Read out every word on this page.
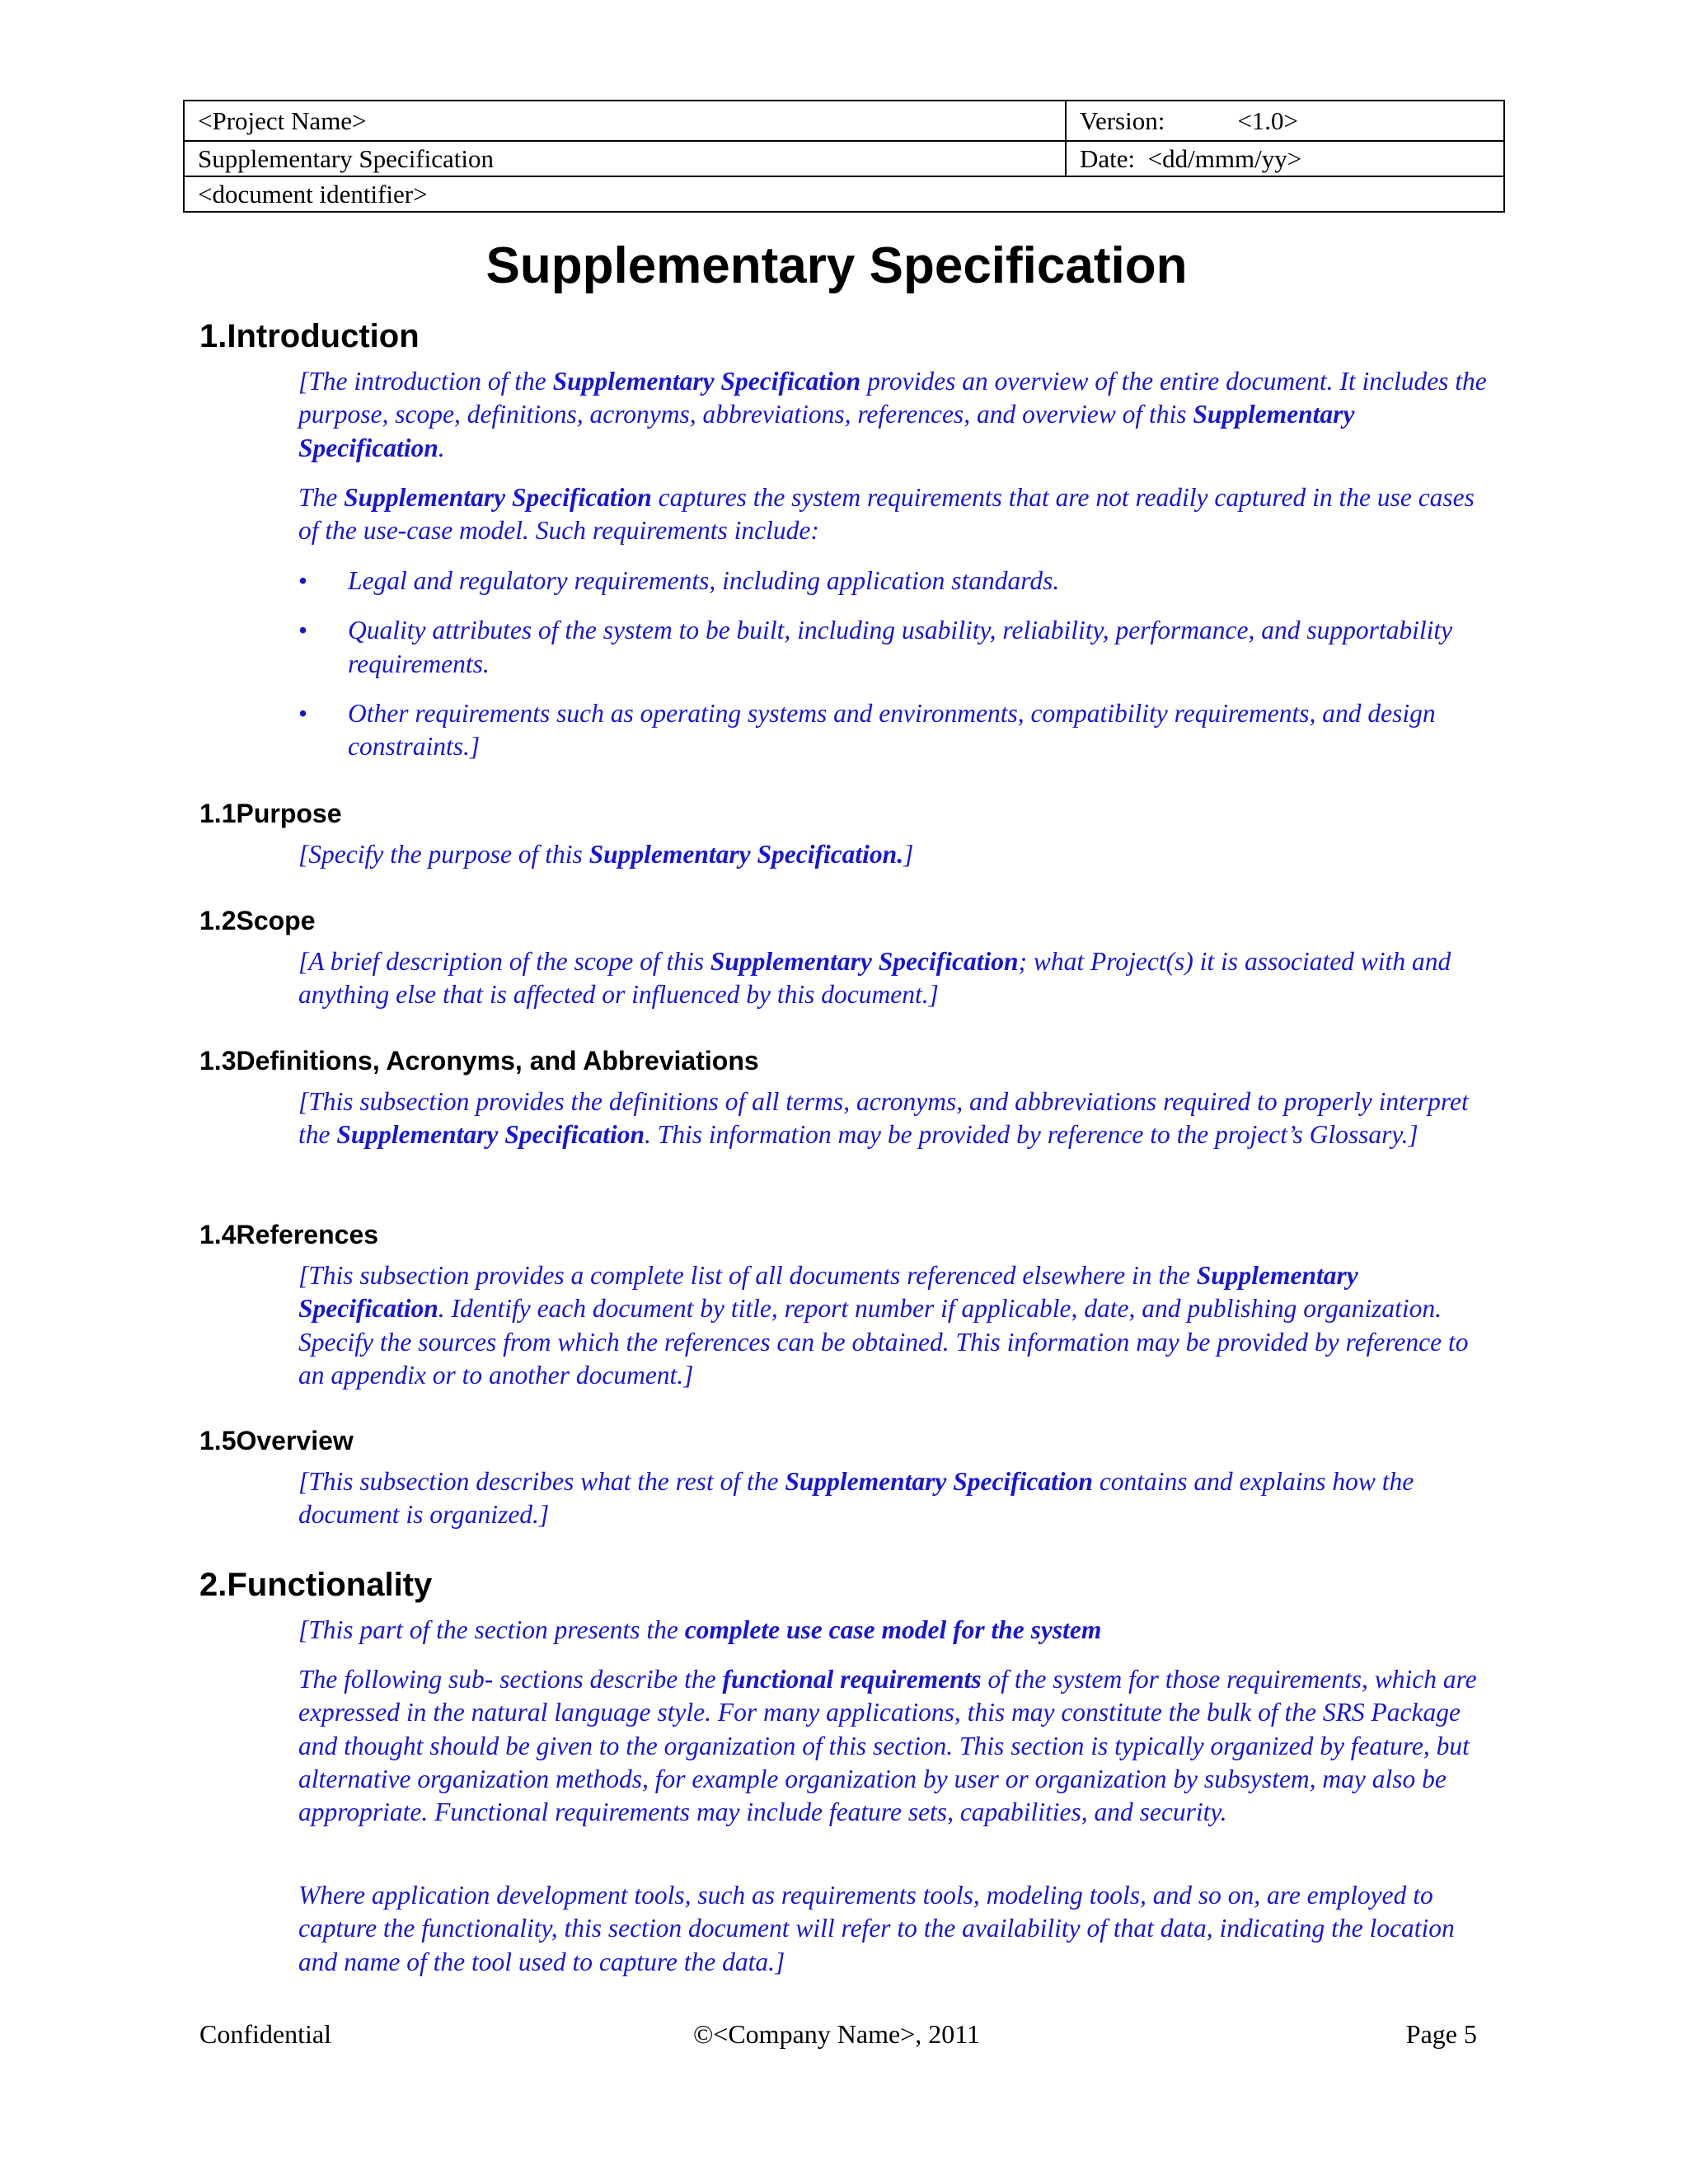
<Project Name>	Version: <1.0>
Supplementary Specification	Date: <dd/mmm/yy>
<document identifier>	
Supplementary Specification
1.Introduction
[The introduction of the Supplementary Specification provides an overview of the entire document. It includes the purpose, scope, definitions, acronyms, abbreviations, references, and overview of this Supplementary Specification.
The Supplementary Specification captures the system requirements that are not readily captured in the use cases of the use-case model. Such requirements include:
• Legal and regulatory requirements, including application standards.
• Quality attributes of the system to be built, including usability, reliability, performance, and supportability requirements.
• Other requirements such as operating systems and environments, compatibility requirements, and design constraints.]
1.1Purpose
[Specify the purpose of this Supplementary Specification.]
1.2Scope
[A brief description of the scope of this Supplementary Specification; what Project(s) it is associated with and anything else that is affected or influenced by this document.]
1.3Definitions, Acronyms, and Abbreviations
[This subsection provides the definitions of all terms, acronyms, and abbreviations required to properly interpret the Supplementary Specification. This information may be provided by reference to the project’s Glossary.]
1.4References
[This subsection provides a complete list of all documents referenced elsewhere in the Supplementary Specification. Identify each document by title, report number if applicable, date, and publishing organization. Specify the sources from which the references can be obtained. This information may be provided by reference to an appendix or to another document.]
1.5Overview
[This subsection describes what the rest of the Supplementary Specification contains and explains how the document is organized.]
2.Functionality
[This part of the section presents the complete use case model for the system
The following sub- sections describe the functional requirements of the system for those requirements, which are expressed in the natural language style. For many applications, this may constitute the bulk of the SRS Package and thought should be given to the organization of this section. This section is typically organized by feature, but alternative organization methods, for example organization by user or organization by subsystem, may also be appropriate. Functional requirements may include feature sets, capabilities, and security.
Where application development tools, such as requirements tools, modeling tools, and so on, are employed to capture the functionality, this section document will refer to the availability of that data, indicating the location and name of the tool used to capture the data.]
Confidential	©<Company Name>, 2011	Page 5
